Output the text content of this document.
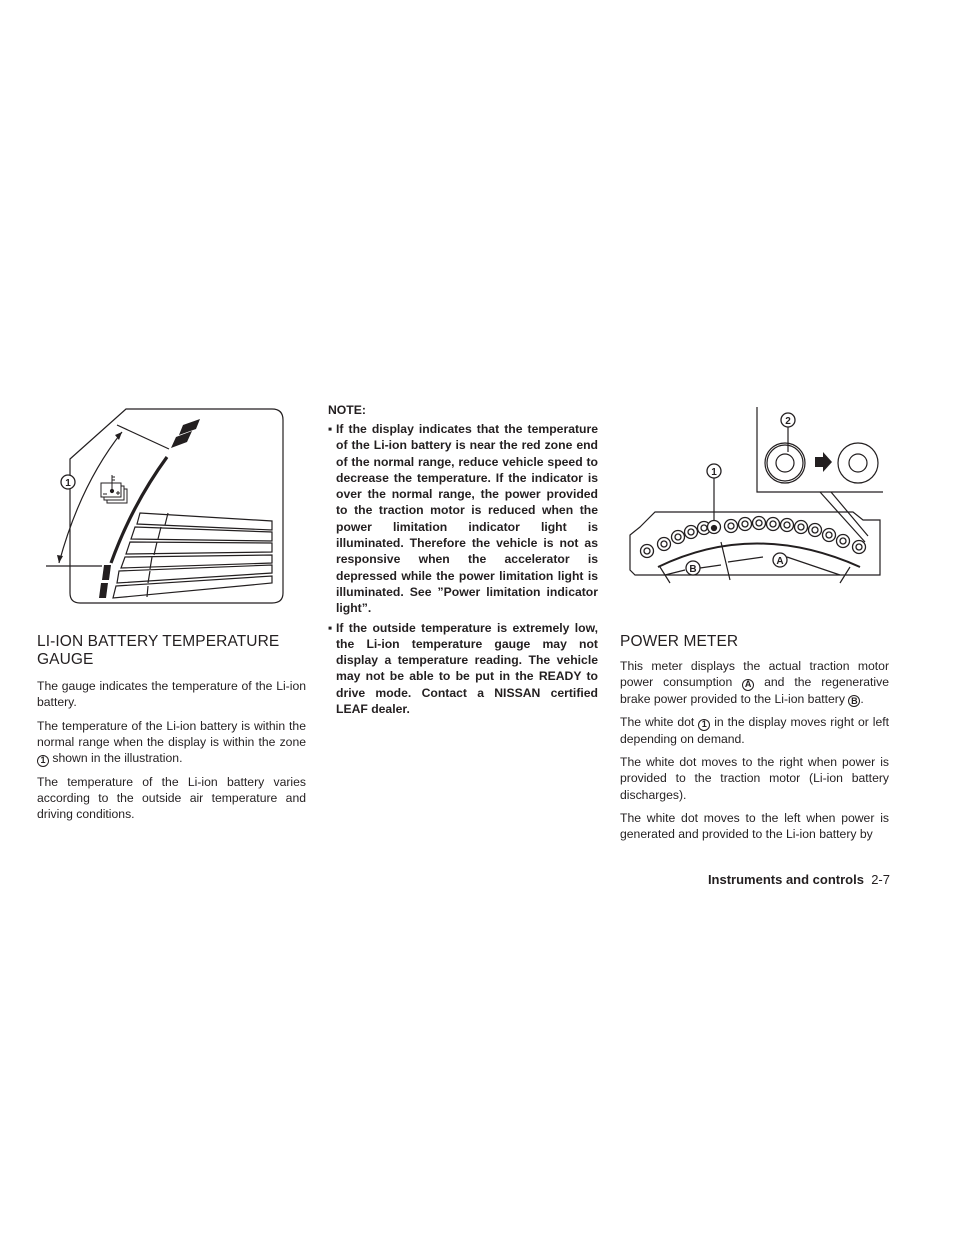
1
LI-ION BATTERY TEMPERATURE
GAUGE

The gauge indicates the temperature of the Li-ion battery.

The temperature of the Li-ion battery is within the normal range when the display is within the zone 1 shown in the illustration.

The temperature of the Li-ion battery varies according to the outside air temperature and driving conditions.

NOTE:

▪ If the display indicates that the temperature of the Li-ion battery is near the red zone end of the normal range, reduce vehicle speed to decrease the temperature. If the indicator is over the normal range, the power provided to the traction motor is reduced when the power limitation indicator light is illuminated. Therefore the vehicle is not as responsive when the accelerator is depressed while the power limitation light is illuminated. See ”Power limitation indicator light”.

▪ If the outside temperature is extremely low, the Li-ion temperature gauge may not display a temperature reading. The vehicle may not be able to be put in the READY to drive mode. Contact a NISSAN certified LEAF dealer.

2
1
A
B
POWER METER

This meter displays the actual traction motor power consumption A and the regenerative brake power provided to the Li-ion battery B .

The white dot 1 in the display moves right or left depending on demand.

The white dot moves to the right when power is provided to the traction motor (Li-ion battery discharges).

The white dot moves to the left when power is generated and provided to the Li-ion battery by

Instruments and controls 2-7
